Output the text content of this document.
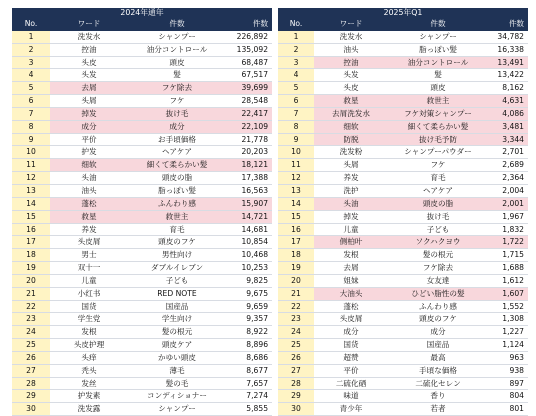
2024年通年			
No.	ワード	件数	件数
1	洗发水	シャンプー	226,892
2	控油	油分コントロール	135,092
3	头皮	頭皮	68,487
4	头发	髪	67,517
5	去屑	フケ除去	39,699
6	头屑	フケ	28,548
7	掉发	抜け毛	22,417
8	成分	成分	22,109
9	平价	お手頃価格	21,778
10	护发	ヘアケア	20,203
11	细软	細くて柔らかい髪	18,121
12	头油	頭皮の脂	17,388
13	油头	脂っぽい髪	16,563
14	蓬松	ふんわり感	15,907
15	救星	救世主	14,721
16	养发	育毛	14,681
17	头皮屑	頭皮のフケ	10,854
18	男士	男性向け	10,468
19	双十一	ダブルイレブン	10,253
20	儿童	子ども	9,825
21	小红书	RED NOTE	9,675
22	国货	国産品	9,659
23	学生党	学生向け	9,357
24	发根	髪の根元	8,922
25	头皮护理	頭皮ケア	8,896
26	头痒	かゆい頭皮	8,686
27	秃头	薄毛	8,677
28	发丝	髪の毛	7,657
29	护发素	コンディショナー	7,274
30	洗发露	シャンプー	5,855
2025年Q1			
No.	ワード	件数	件数
1	洗发水	シャンプー	34,782
2	油头	脂っぽい髪	16,338
3	控油	油分コントロール	13,491
4	头发	髪	13,422
5	头皮	頭皮	8,162
6	救星	救世主	4,631
7	去屑洗发水	フケ対策シャンプー	4,086
8	细软	細くて柔らかい髪	3,481
9	防脱	抜け毛予防	3,344
10	洗发粉	シャンプーパウダー	2,701
11	头屑	フケ	2,689
12	养发	育毛	2,364
13	洗护	ヘアケア	2,004
14	头油	頭皮の脂	2,001
15	掉发	抜け毛	1,967
16	儿童	子ども	1,832
17	侧柏叶	ソクハクヨウ	1,722
18	发根	髪の根元	1,715
19	去屑	フケ除去	1,688
20	姐妹	女友達	1,612
21	大油头	ひどい脂性の髪	1,607
22	蓬松	ふんわり感	1,552
23	头皮屑	頭皮のフケ	1,308
24	成分	成分	1,227
25	国货	国産品	1,124
26	超赞	最高	963
27	平价	手頃な価格	938
28	二硫化硒	二硫化セレン	897
29	味道	香り	804
30	青少年	若者	801
